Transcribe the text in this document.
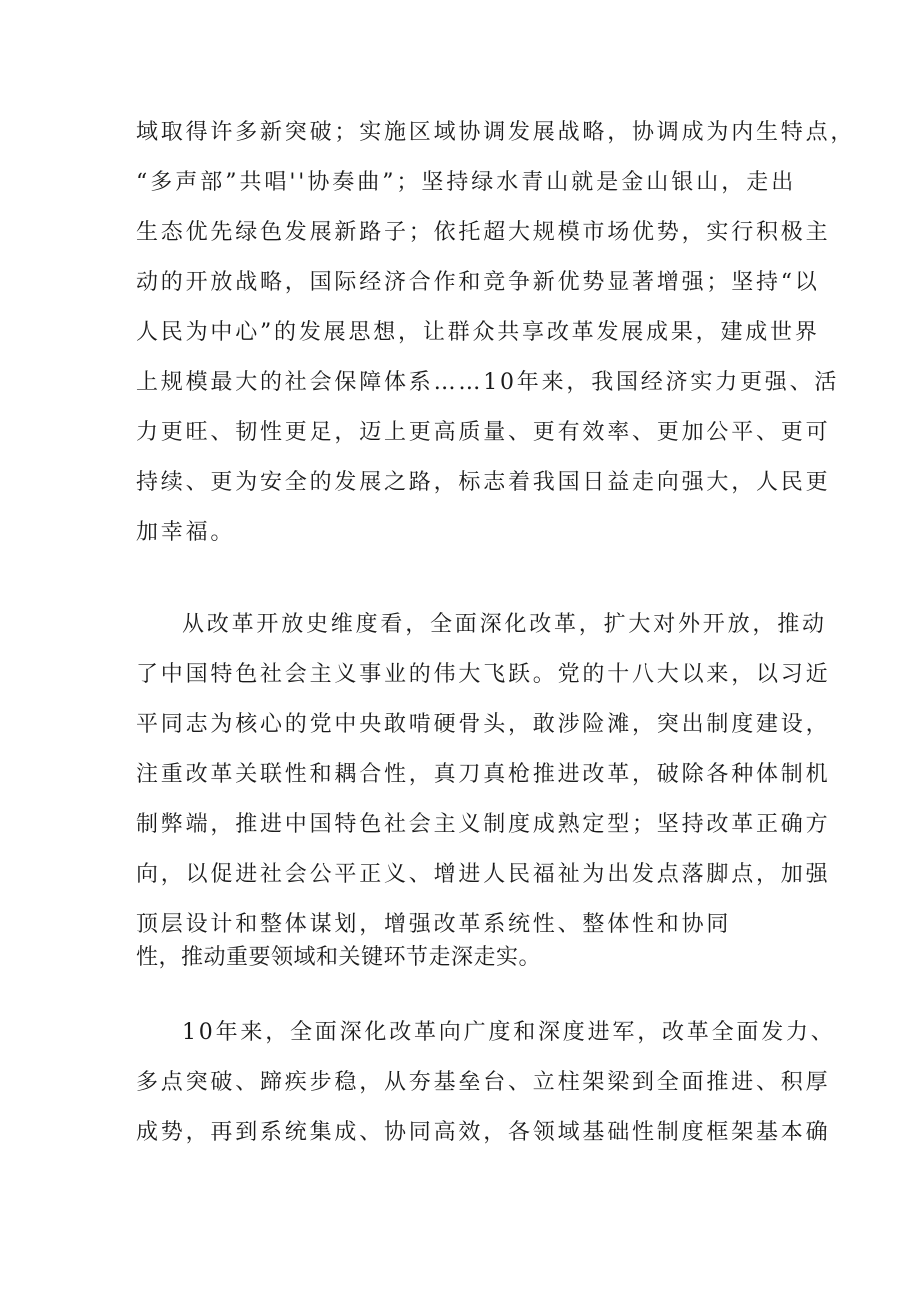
域取得许多新突破；实施区域协调发展战略，协调成为内生特点，
“多声部”共唱''协奏曲”；坚持绿水青山就是金山银山，走出
生态优先绿色发展新路子；依托超大规模市场优势，实行积极主
动的开放战略，国际经济合作和竞争新优势显著增强；坚持“以
人民为中心”的发展思想，让群众共享改革发展成果，建成世界
上规模最大的社会保障体系……10年来，我国经济实力更强、活
力更旺、韧性更足，迈上更高质量、更有效率、更加公平、更可
持续、更为安全的发展之路，标志着我国日益走向强大，人民更
加幸福。
从改革开放史维度看，全面深化改革，扩大对外开放，推动
了中国特色社会主义事业的伟大飞跃。党的十八大以来，以习近
平同志为核心的党中央敢啃硬骨头，敢涉险滩，突出制度建设，
注重改革关联性和耦合性，真刀真枪推进改革，破除各种体制机
制弊端，推进中国特色社会主义制度成熟定型；坚持改革正确方
向，以促进社会公平正义、增进人民福祉为出发点落脚点，加强
顶层设计和整体谋划，增强改革系统性、整体性和协同
性，推动重要领域和关键环节走深走实。
10年来，全面深化改革向广度和深度进军，改革全面发力、
多点突破、蹄疾步稳，从夯基垒台、立柱架梁到全面推进、积厚
成势，再到系统集成、协同高效，各领域基础性制度框架基本确
